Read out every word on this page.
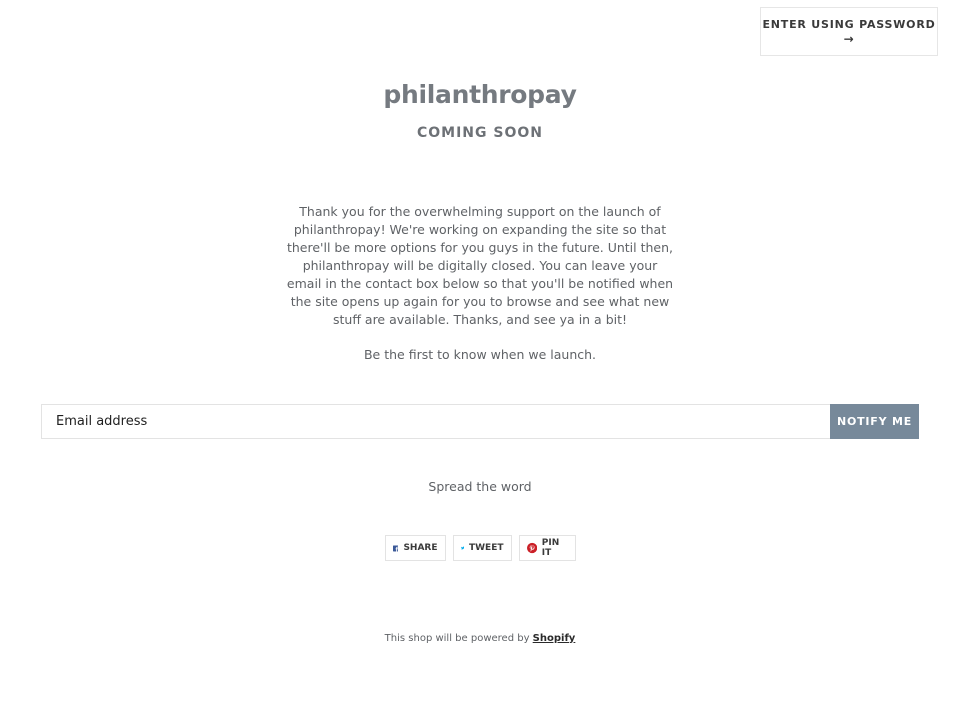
ENTER USING PASSWORD
→
philanthropay
COMING SOON
Thank you for the overwhelming support on the launch of philanthropay! We're working on expanding the site so that there'll be more options for you guys in the future. Until then, philanthropay will be digitally closed. You can leave your email in the contact box below so that you'll be notified when the site opens up again for you to browse and see what new stuff are available. Thanks, and see ya in a bit!
Be the first to know when we launch.
Email address	NOTIFY ME
Spread the word
SHARE	TWEET	PIN IT
This shop will be powered by Shopify
